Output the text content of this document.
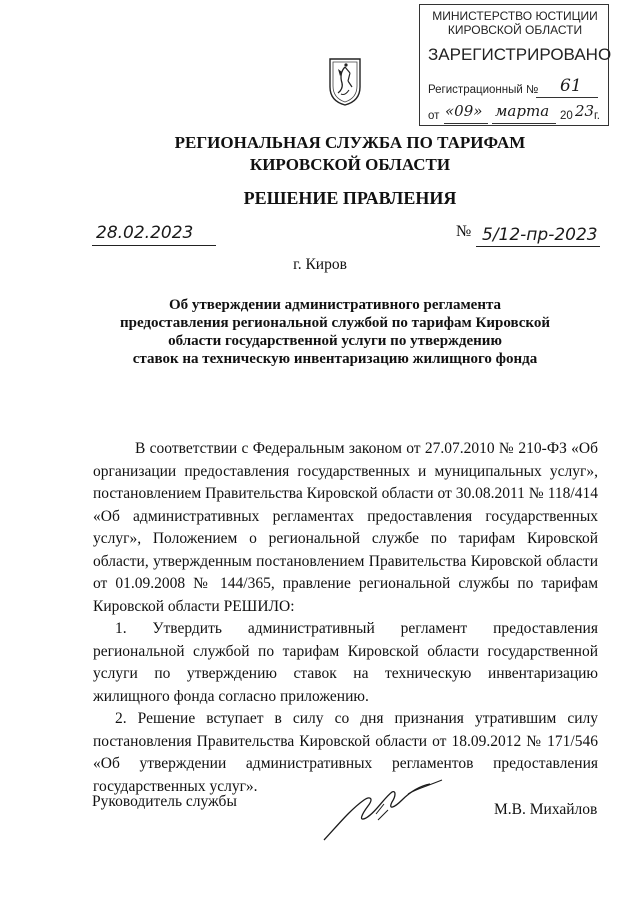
МИНИСТЕРСТВО ЮСТИЦИИ КИРОВСКОЙ ОБЛАСТИ
ЗАРЕГИСТРИРОВАНО
Регистрационный № 61
от «09» марта 20 23 г.
РЕГИОНАЛЬНАЯ СЛУЖБА ПО ТАРИФАМ
КИРОВСКОЙ ОБЛАСТИ
РЕШЕНИЕ ПРАВЛЕНИЯ
28.02.2023	№ 5/12-пр-2023
г. Киров
Об утверждении административного регламента
предоставления региональной службой по тарифам Кировской
области государственной услуги по утверждению
ставок на техническую инвентаризацию жилищного фонда

В соответствии с Федеральным законом от 27.07.2010 № 210-ФЗ «Об организации предоставления государственных и муниципальных услуг», постановлением Правительства Кировской области от 30.08.2011 № 118/414 «Об административных регламентах предоставления государственных услуг», Положением о региональной службе по тарифам Кировской области, утвержденным постановлением Правительства Кировской области от 01.09.2008 № 144/365, правление региональной службы по тарифам Кировской области РЕШИЛО:

1. Утвердить административный регламент предоставления региональной службой по тарифам Кировской области государственной услуги по утверждению ставок на техническую инвентаризацию жилищного фонда согласно приложению.

2. Решение вступает в силу со дня признания утратившим силу постановления Правительства Кировской области от 18.09.2012 № 171/546 «Об утверждении административных регламентов предоставления государственных услуг».

Руководитель службы	М.В. Михайлов
